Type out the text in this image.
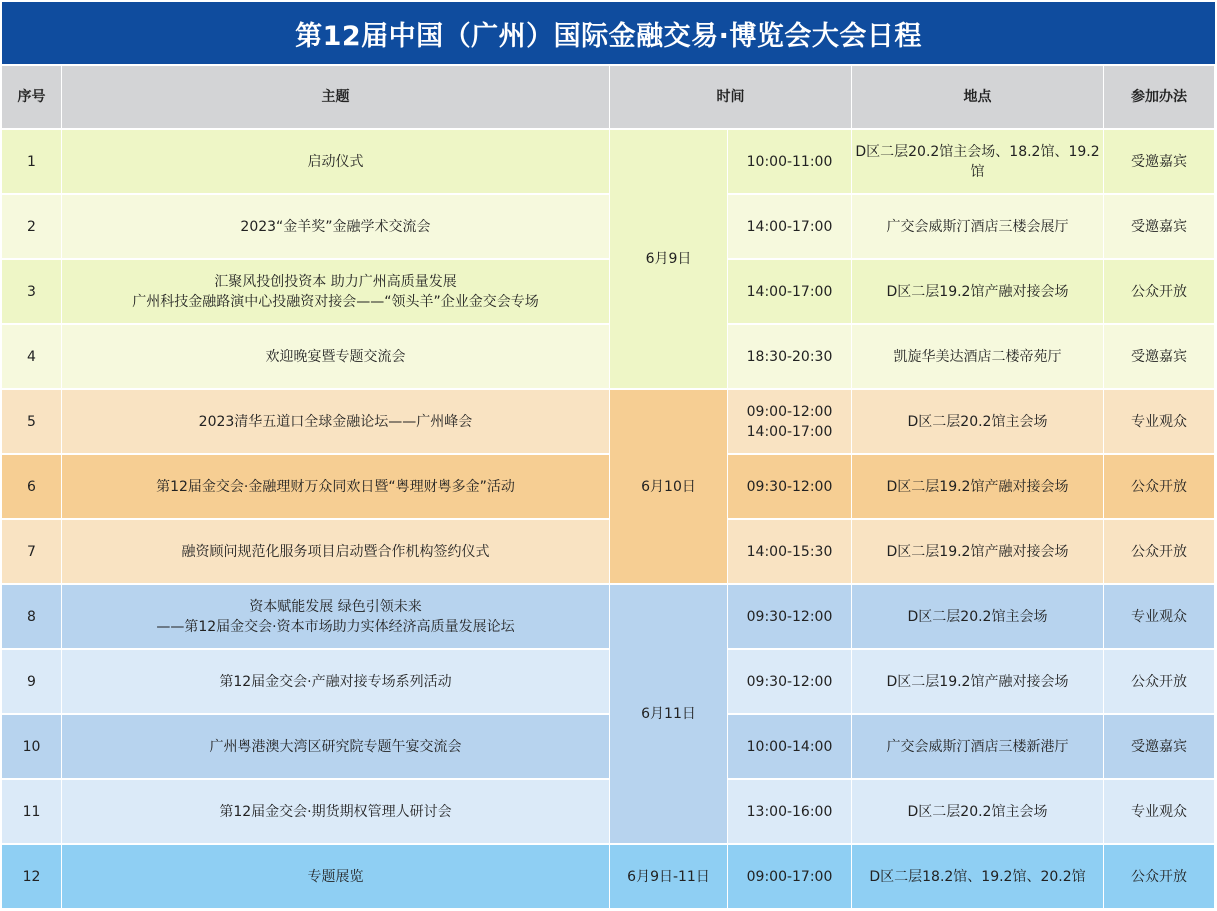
第12届中国（广州）国际金融交易·博览会大会日程
序号	主题	时间		地点	参加办法
1	启动仪式	6月9日	10:00-11:00	D区二层20.2馆主会场、18.2馆、19.2馆	受邀嘉宾
2	2023“金羊奖”金融学术交流会		14:00-17:00	广交会威斯汀酒店三楼会展厅	受邀嘉宾
3	汇聚风投创投资本 助力广州高质量发展
广州科技金融路演中心投融资对接会——“领头羊”企业金交会专场		14:00-17:00	D区二层19.2馆产融对接会场	公众开放
4	欢迎晚宴暨专题交流会		18:30-20:30	凯旋华美达酒店二楼帝苑厅	受邀嘉宾
5	2023清华五道口全球金融论坛——广州峰会	6月10日	09:00-12:00
14:00-17:00	D区二层20.2馆主会场	专业观众
6	第12届金交会·金融理财万众同欢日暨“粤理财粤多金”活动		09:30-12:00	D区二层19.2馆产融对接会场	公众开放
7	融资顾问规范化服务项目启动暨合作机构签约仪式		14:00-15:30	D区二层19.2馆产融对接会场	公众开放
8	资本赋能发展 绿色引领未来
——第12届金交会·资本市场助力实体经济高质量发展论坛	6月11日	09:30-12:00	D区二层20.2馆主会场	专业观众
9	第12届金交会·产融对接专场系列活动		09:30-12:00	D区二层19.2馆产融对接会场	公众开放
10	广州粤港澳大湾区研究院专题午宴交流会		10:00-14:00	广交会威斯汀酒店三楼新港厅	受邀嘉宾
11	第12届金交会·期货期权管理人研讨会		13:00-16:00	D区二层20.2馆主会场	专业观众
12	专题展览	6月9日-11日	09:00-17:00	D区二层18.2馆、19.2馆、20.2馆	公众开放
